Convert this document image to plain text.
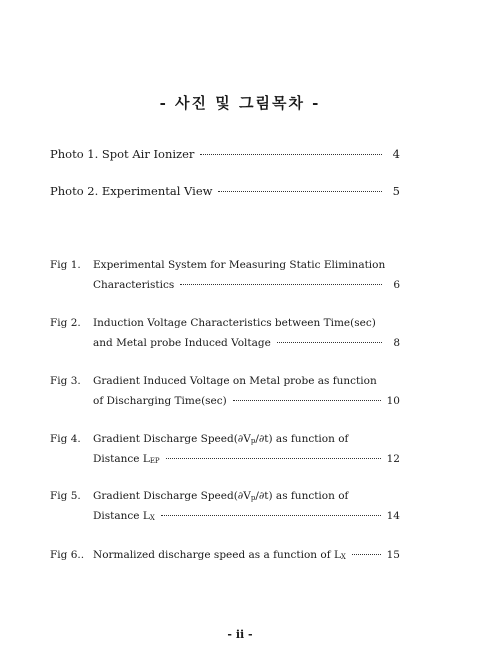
- 사진 및 그림목차 -
Photo 1. Spot Air Ionizer	4
Photo 2. Experimental View	5
Fig 1.	Experimental System for Measuring Static Elimination
Characteristics	6
Fig 2.	Induction Voltage Characteristics between Time(sec)
and Metal probe Induced Voltage	8
Fig 3.	Gradient Induced Voltage on Metal probe as function
of Discharging Time(sec)	10
Fig 4.	Gradient Discharge Speed(∂Vp/∂t) as function of
Distance LEP	12
Fig 5.	Gradient Discharge Speed(∂Vp/∂t) as function of
Distance LX	14
Fig 6.. Normalized discharge speed as a function of LX	15
- ii -
